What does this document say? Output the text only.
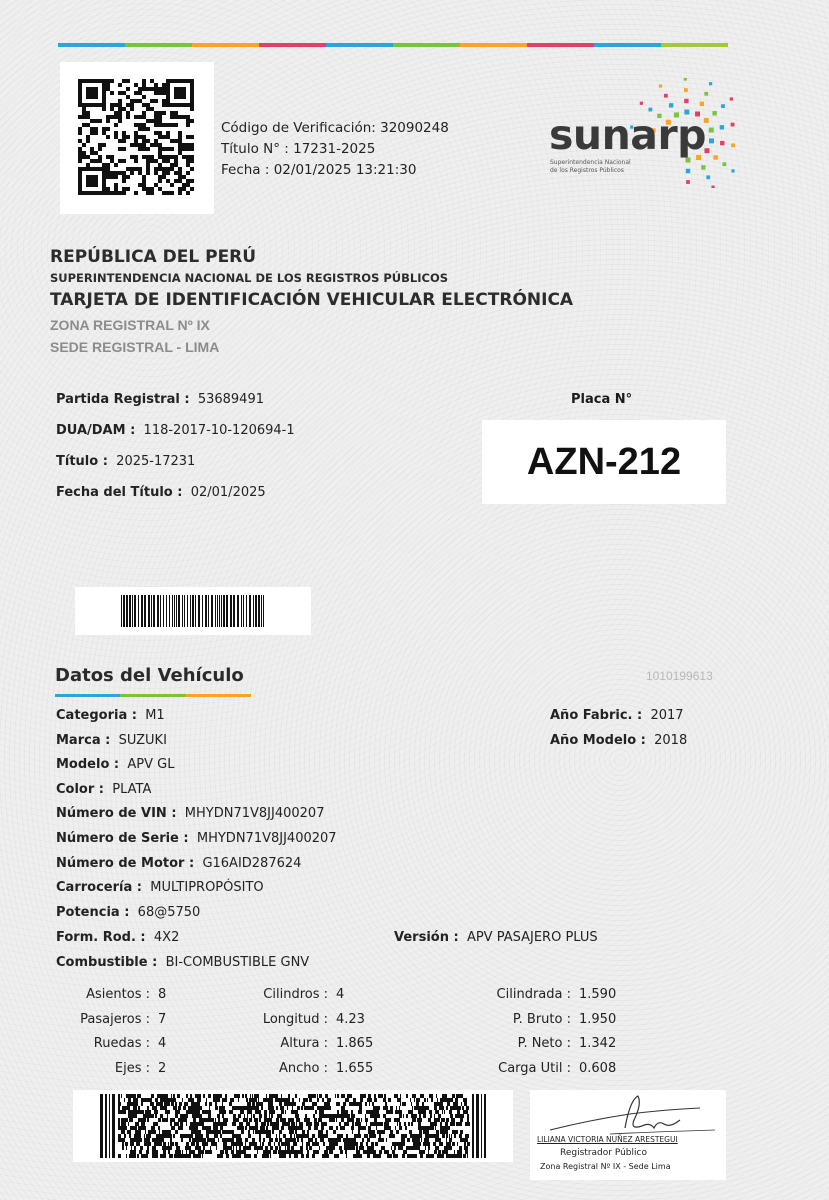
Código de Verificación: 32090248
Título N° : 17231-2025
Fecha : 02/01/2025 13:21:30
sunarp
Superintendencia Nacional
de los Registros Públicos
REPÚBLICA DEL PERÚ
SUPERINTENDENCIA NACIONAL DE LOS REGISTROS PÚBLICOS
TARJETA DE IDENTIFICACIÓN VEHICULAR ELECTRÓNICA
ZONA REGISTRAL Nº IX
SEDE REGISTRAL - LIMA
Partida Registral : 53689491
DUA/DAM : 118-2017-10-120694-1
Título : 2025-17231
Fecha del Título : 02/01/2025
Placa N°
AZN-212
Datos del Vehículo	1010199613
Categoria : M1
Marca : SUZUKI
Modelo : APV GL
Color : PLATA
Número de VIN : MHYDN71V8JJ400207
Número de Serie : MHYDN71V8JJ400207
Número de Motor : G16AID287624
Carrocería : MULTIPROPÓSITO
Potencia : 68@5750
Form. Rod. : 4X2
Combustible : BI-COMBUSTIBLE GNV
Versión : APV PASAJERO PLUS
Año Fabric. : 2017
Año Modelo : 2018
Asientos : 8
Pasajeros : 7
Ruedas : 4
Ejes : 2
Cilindros : 4
Longitud : 4.23
Altura : 1.865
Ancho : 1.655
Cilindrada : 1.590
P. Bruto : 1.950
P. Neto : 1.342
Carga Util : 0.608
LILIANA VICTORIA NUÑEZ ARESTEGUI
Registrador Público
Zona Registral Nº IX - Sede Lima
